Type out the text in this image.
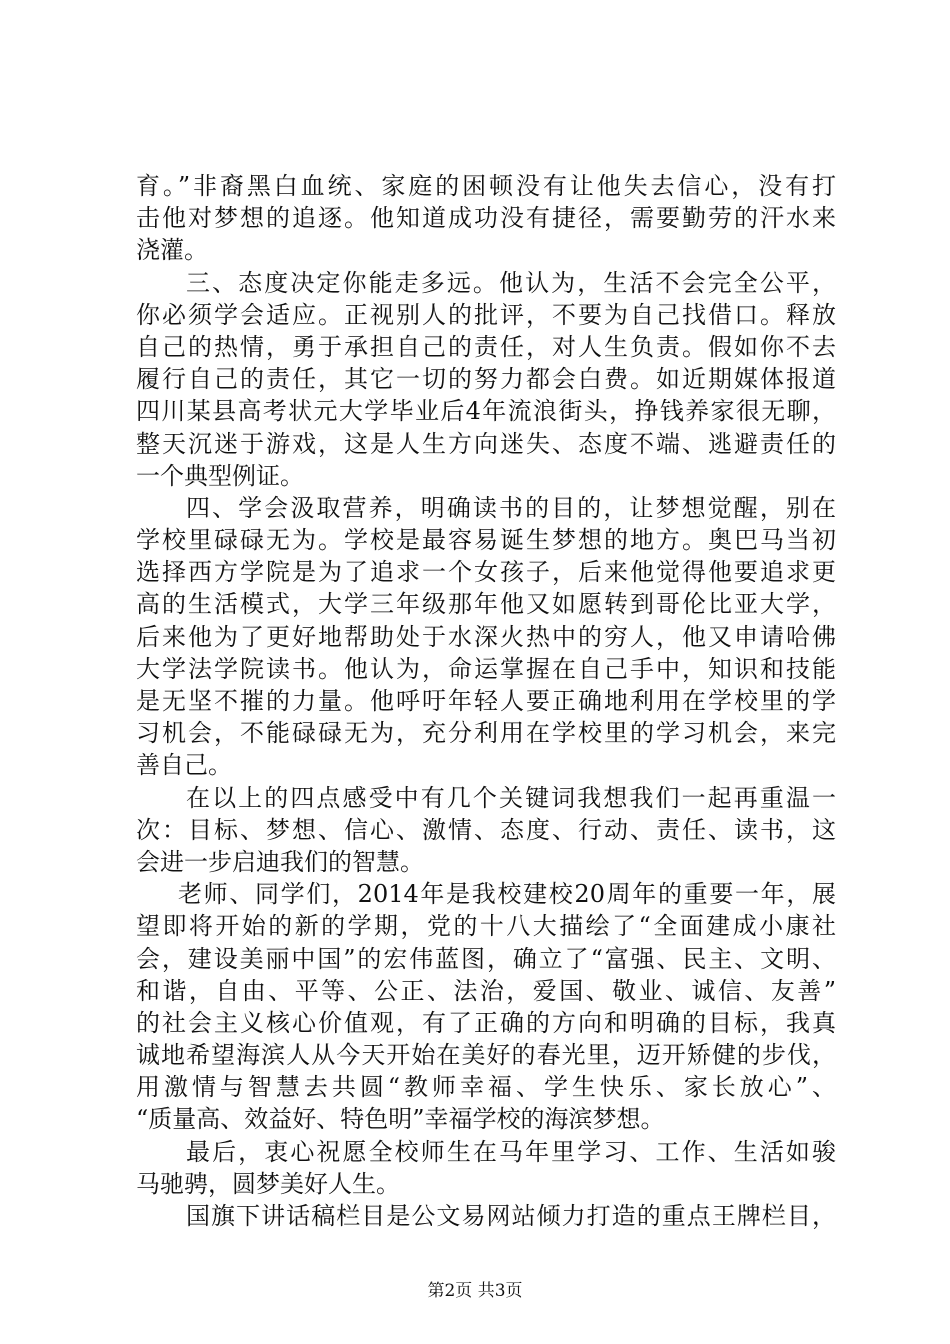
育。”非裔黑白血统、家庭的困顿没有让他失去信心，没有打
击他对梦想的追逐。他知道成功没有捷径，需要勤劳的汗水来
浇灌。
三、态度决定你能走多远。他认为，生活不会完全公平，
你必须学会适应。正视别人的批评，不要为自己找借口。释放
自己的热情，勇于承担自己的责任，对人生负责。假如你不去
履行自己的责任，其它一切的努力都会白费。如近期媒体报道
四川某县高考状元大学毕业后4年流浪街头，挣钱养家很无聊，
整天沉迷于游戏，这是人生方向迷失、态度不端、逃避责任的
一个典型例证。
四、学会汲取营养，明确读书的目的，让梦想觉醒，别在
学校里碌碌无为。学校是最容易诞生梦想的地方。奥巴马当初
选择西方学院是为了追求一个女孩子，后来他觉得他要追求更
高的生活模式，大学三年级那年他又如愿转到哥伦比亚大学，
后来他为了更好地帮助处于水深火热中的穷人，他又申请哈佛
大学法学院读书。他认为，命运掌握在自己手中，知识和技能
是无坚不摧的力量。他呼吁年轻人要正确地利用在学校里的学
习机会，不能碌碌无为，充分利用在学校里的学习机会，来完
善自己。
在以上的四点感受中有几个关键词我想我们一起再重温一
次：目标、梦想、信心、激情、态度、行动、责任、读书，这
会进一步启迪我们的智慧。
老师、同学们，2014年是我校建校20周年的重要一年，展
望即将开始的新的学期，党的十八大描绘了“全面建成小康社
会，建设美丽中国”的宏伟蓝图，确立了“富强、民主、文明、
和谐，自由、平等、公正、法治，爱国、敬业、诚信、友善”
的社会主义核心价值观，有了正确的方向和明确的目标，我真
诚地希望海滨人从今天开始在美好的春光里，迈开矫健的步伐，
用激情与智慧去共圆“教师幸福、学生快乐、家长放心”、
“质量高、效益好、特色明”幸福学校的海滨梦想。
最后，衷心祝愿全校师生在马年里学习、工作、生活如骏
马驰骋，圆梦美好人生。
国旗下讲话稿栏目是公文易网站倾力打造的重点王牌栏目，
第2页 共3页
